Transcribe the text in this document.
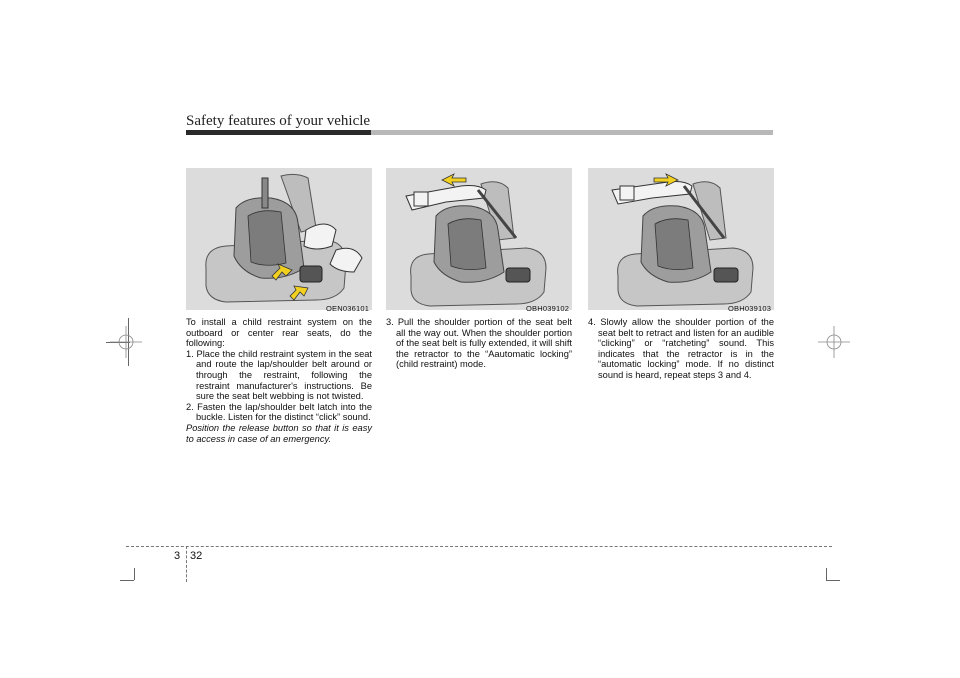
Safety features of your vehicle
OEN036101	OBH039102	OBH039103

To install a child restraint system on the outboard or center rear seats, do the following:

1. Place the child restraint system in the seat and route the lap/shoulder belt around or through the restraint, following the restraint manufacturer's instructions. Be sure the seat belt webbing is not twisted.

2. Fasten the lap/shoulder belt latch into the buckle. Listen for the distinct “click” sound.

Position the release button so that it is easy to access in case of an emergency.

3. Pull the shoulder portion of the seat belt all the way out. When the shoulder portion of the seat belt is fully extended, it will shift the retractor to the “Aautomatic locking” (child restraint) mode.

4. Slowly allow the shoulder portion of the seat belt to retract and listen for an audible “clicking” or “ratcheting” sound. This indicates that the retractor is in the “automatic locking” mode. If no distinct sound is heard, repeat steps 3 and 4.

3 32
